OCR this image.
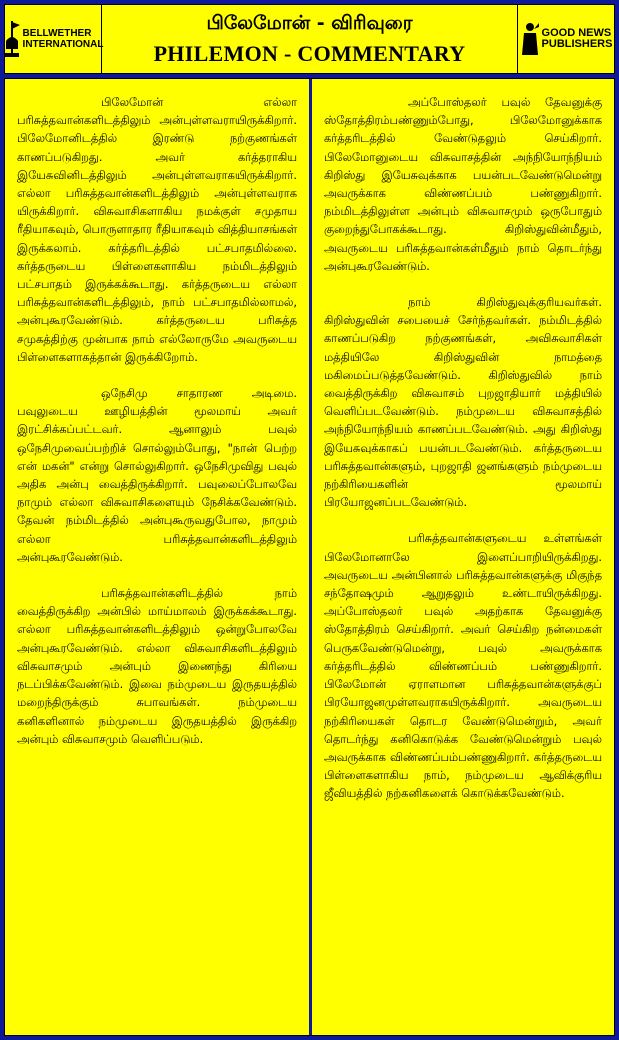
BELLWETHER
INTERNATIONAL
பிலேமோன் - விரிவுரை
PHILEMON - COMMENTARY
GOOD NEWS
PUBLISHERS

பிலேமோன் எல்லா பரிசுத்தவான்களிடத்திலும் அன்புள்ளவராயிருக்கிறார். பிலேமோனிடத்தில் இரண்டு நற்குணங்கள் காணப்படுகிறது. அவர் கர்த்தராகிய இயேசுவினிடத்திலும் அன்புள்ளவராகயிருக்கிறார். எல்லா பரிசுத்தவான்களிடத்திலும் அன்புள்ளவராக யிருக்கிறார். விசுவாசிகளாகிய நமக்குள் சமுதாய ரீதியாகவும், பொருளாதார ரீதியாகவும் வித்தியாசங்கள் இருக்கலாம். கர்த்தரிடத்தில் பட்சபாதமில்லை. கர்த்தருடைய பிள்ளைகளாகிய நம்மிடத்திலும் பட்சபாதம் இருக்கக்கூடாது. கர்த்தருடைய எல்லா பரிசுத்தவான்களிடத்திலும், நாம் பட்சபாதமில்லாமல், அன்புகூரவேண்டும். கர்த்தருடைய பரிசுத்த சமுகத்திற்கு முன்பாக நாம் எல்லோருமே அவருடைய பிள்ளைகளாகத்தான் இருக்கிறோம்.

ஒநேசிமு சாதாரண அடிமை. பவுலுடைய ஊழியத்தின் மூலமாய் அவர் இரட்சிக்கப்பட்டவர். ஆனாலும் பவுல் ஒநேசிமுவைப்பற்றிச் சொல்லும்போது, "நான் பெற்ற என் மகன்" என்று சொல்லுகிறார். ஒநேசிமுவிது பவுல் அதிக அன்பு வைத்திருக்கிறார். பவுலைப்போலவே நாமும் எல்லா விசுவாசிகளையும் நேசிக்கவேண்டும். தேவன் நம்மிடத்தில் அன்புகூருவதுபோல, நாமும் எல்லா பரிசுத்தவான்களிடத்திலும் அன்புகூரவேண்டும்.

பரிசுத்தவான்களிடத்தில் நாம் வைத்திருக்கிற அன்பில் மாய்மாலம் இருக்கக்கூடாது. எல்லா பரிசுத்தவான்களிடத்திலும் ஒன்றுபோலவே அன்புகூரவேண்டும். எல்லா விசுவாசிகளிடத்திலும் விசுவாசமும் அன்பும் இணைந்து கிரியை நடப்பிக்கவேண்டும். இவை நம்முடைய இருதயத்தில் மறைந்திருக்கும் சுபாவங்கள். நம்முடைய கனிகளினால் நம்முடைய இருதயத்தில் இருக்கிற அன்பும் விசுவாசமும் வெளிப்படும்.

அப்போஸ்தலர் பவுல் தேவனுக்கு ஸ்தோத்திரம்பண்ணும்போது, பிலேமோனுக்காக கர்த்தரிடத்தில் வேண்டுதலும் செய்கிறார். பிலேமோனுடைய விசுவாசத்தின் அந்நியோந்நியம் கிறிஸ்து இயேசுவுக்காக பயன்படவேண்டுமென்று அவருக்காக விண்ணப்பம் பண்ணுகிறார். நம்மிடத்திலுள்ள அன்பும் விசுவாசமும் ஒருபோதும் குறைந்துபோகக்கூடாது. கிறிஸ்துவின்மீதும், அவருடைய பரிசுத்தவான்கள்மீதும் நாம் தொடர்ந்து அன்புகூரவேண்டும்.

நாம் கிறிஸ்துவுக்குரியவர்கள். கிறிஸ்துவின் சபையைச் சேர்ந்தவர்கள். நம்மிடத்தில் காணப்படுகிற நற்குணங்கள், அவிசுவாசிகள் மத்தியிலே கிறிஸ்துவின் நாமத்தை மகிமைப்படுத்தவேண்டும். கிறிஸ்துவில் நாம் வைத்திருக்கிற விசுவாசம் புறஜாதியார் மத்தியில் வெளிப்படவேண்டும். நம்முடைய விசுவாசத்தில் அந்நியோந்நியம் காணப்படவேண்டும். அது கிறிஸ்து இயேசுவுக்காகப் பயன்படவேண்டும். கர்த்தருடைய பரிசுத்தவான்களும், புறஜாதி ஜனங்களும் நம்முடைய நற்கிரியைகளின் மூலமாய் பிரயோஜனப்படவேண்டும்.

பரிசுத்தவான்களுடைய உள்ளங்கள் பிலேமோனாலே இளைப்பாறியிருக்கிறது. அவருடைய அன்பினால் பரிசுத்தவான்களுக்கு மிகுந்த சந்தோஷமும் ஆறுதலும் உண்டாயிருக்கிறது. அப்போஸ்தலர் பவுல் அதற்காக தேவனுக்கு ஸ்தோத்திரம் செய்கிறார். அவர் செய்கிற நன்மைகள் பெருகவேண்டுமென்று, பவுல் அவருக்காக கர்த்தரிடத்தில் விண்ணப்பம் பண்ணுகிறார். பிலேமோன் ஏராளமான பரிசுத்தவான்களுக்குப் பிரயோஜனமுள்ளவராகயிருக்கிறார். அவருடைய நற்கிரியைகள் தொடர வேண்டுமென்றும், அவர் தொடர்ந்து கனிகொடுக்க வேண்டுமென்றும் பவுல் அவருக்காக விண்ணப்பம்பண்ணுகிறார். கர்த்தருடைய பிள்ளைகளாகிய நாம், நம்முடைய ஆவிக்குரிய ஜீவியத்தில் நற்கனிகளைக் கொடுக்கவேண்டும்.
